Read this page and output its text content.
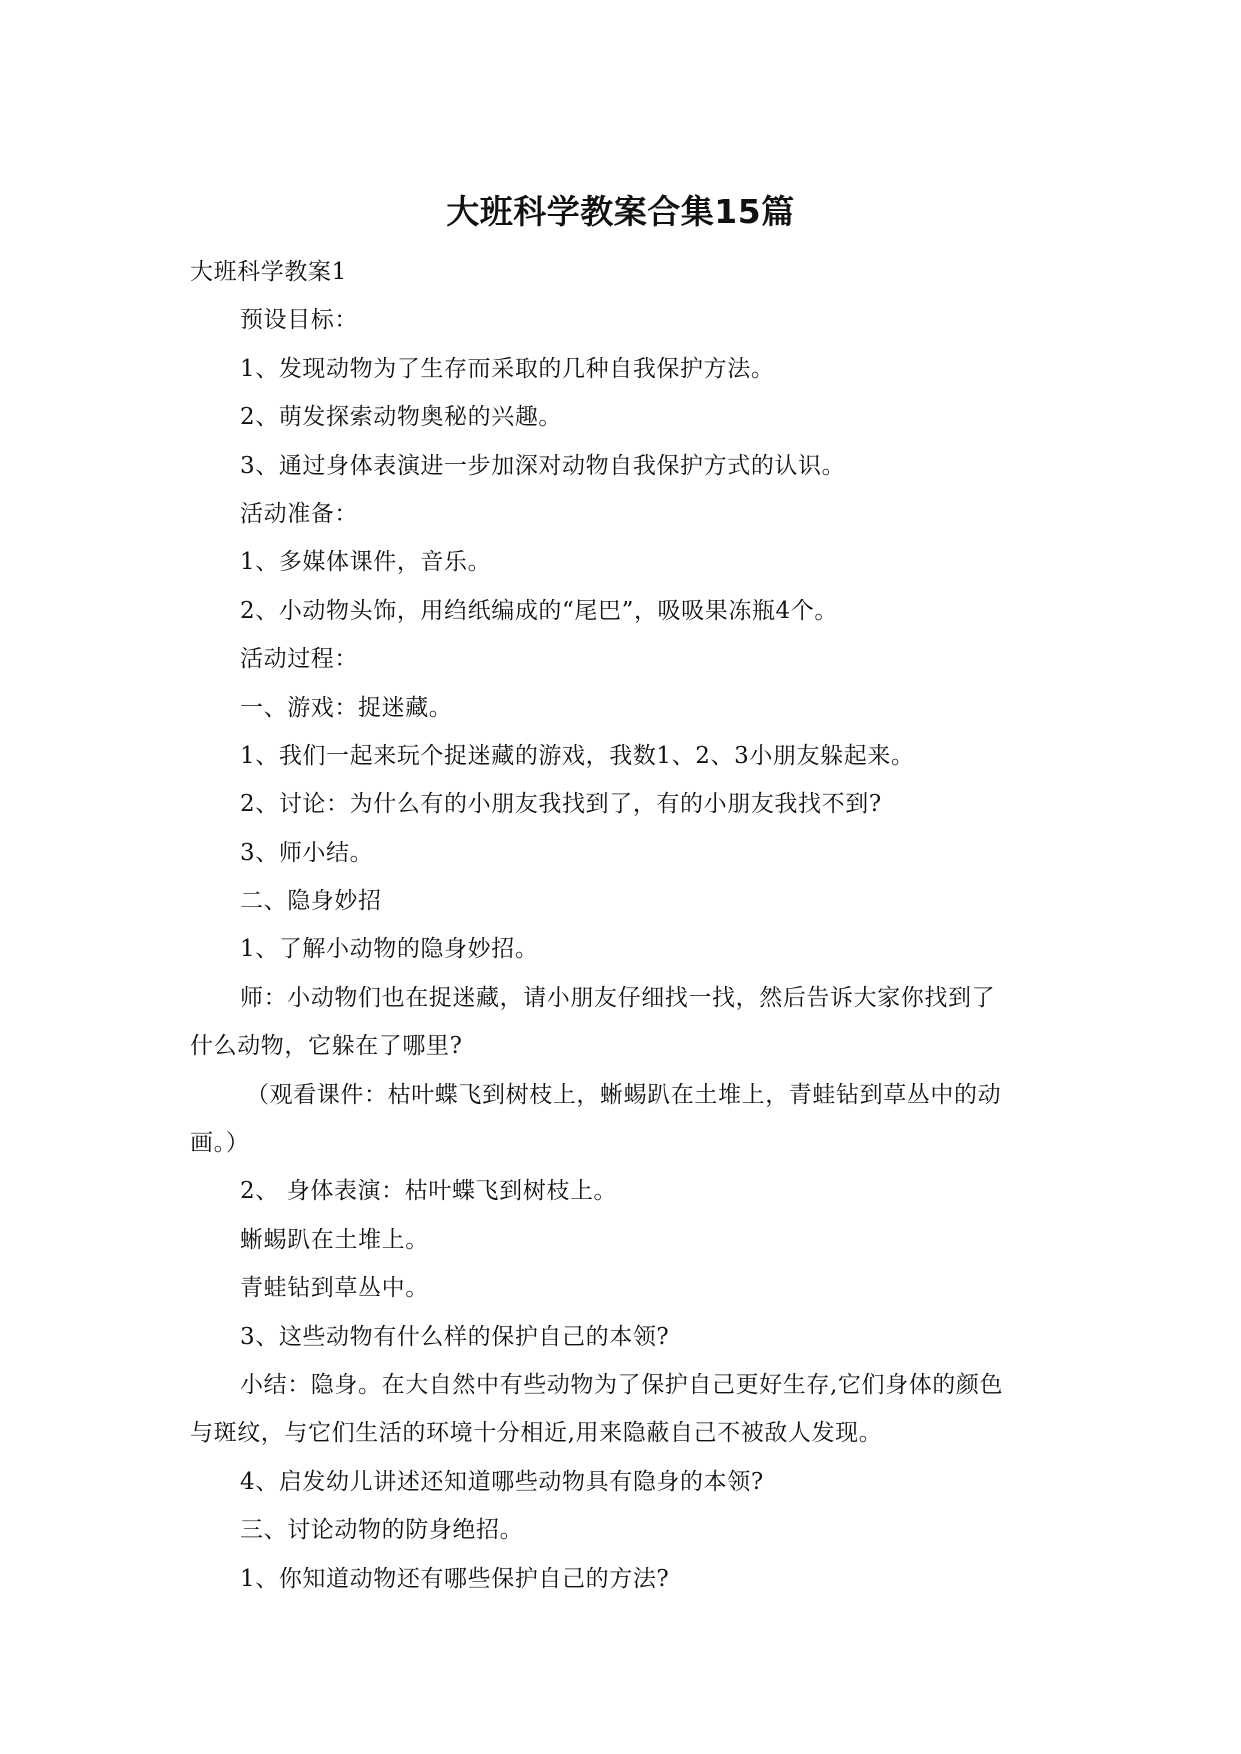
大班科学教案合集15篇
大班科学教案1
预设目标：
1、发现动物为了生存而采取的几种自我保护方法。
2、萌发探索动物奥秘的兴趣。
3、通过身体表演进一步加深对动物自我保护方式的认识。
活动准备：
1、多媒体课件，音乐。
2、小动物头饰，用绉纸编成的“尾巴”，吸吸果冻瓶4个。
活动过程：
一、游戏：捉迷藏。
1、我们一起来玩个捉迷藏的游戏，我数1、2、3小朋友躲起来。
2、讨论：为什么有的小朋友我找到了，有的小朋友我找不到?
3、师小结。
二、隐身妙招
1、了解小动物的隐身妙招。
师：小动物们也在捉迷藏，请小朋友仔细找一找，然后告诉大家你找到了
什么动物，它躲在了哪里?
（观看课件：枯叶蝶飞到树枝上，蜥蜴趴在土堆上，青蛙钻到草丛中的动
画。）
2、 身体表演：枯叶蝶飞到树枝上。
蜥蜴趴在土堆上。
青蛙钻到草丛中。
3、这些动物有什么样的保护自己的本领?
小结：隐身。在大自然中有些动物为了保护自己更好生存,它们身体的颜色
与斑纹，与它们生活的环境十分相近,用来隐蔽自己不被敌人发现。
4、启发幼儿讲述还知道哪些动物具有隐身的本领?
三、讨论动物的防身绝招。
1、你知道动物还有哪些保护自己的方法?
